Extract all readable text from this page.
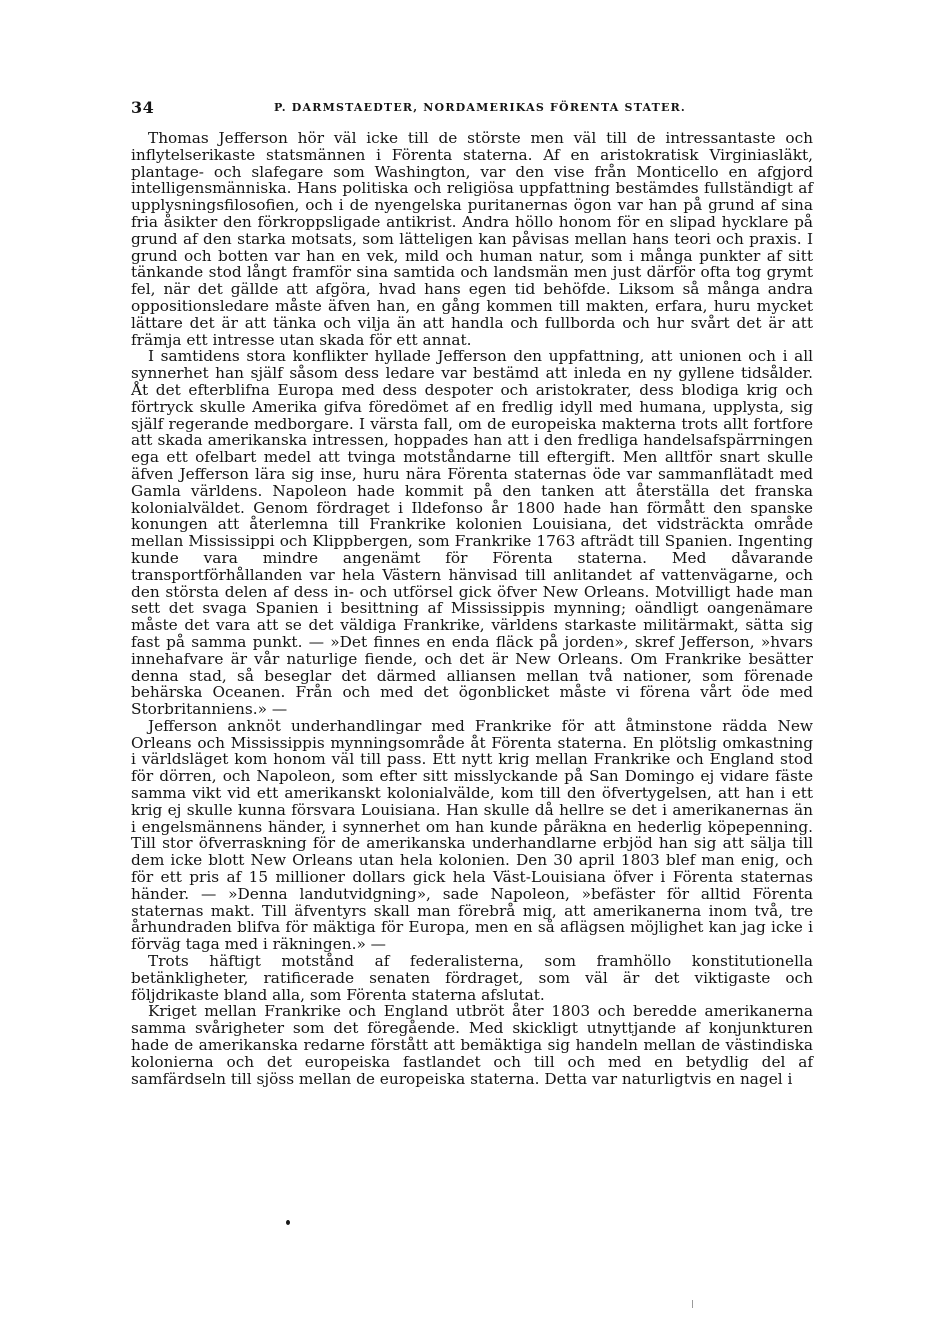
34	P. DARMSTAEDTER, NORDAMERIKAS FÖRENTA STATER.

Thomas Jefferson hör väl icke till de störste men väl till de intressantaste och inflytelserikaste statsmännen i Förenta staterna. Af en aristokratisk Virginiasläkt, plantage- och slafegare som Washington, var den vise från Monticello en afgjord intelligensmänniska. Hans politiska och religiösa uppfattning bestämdes fullständigt af upplysningsfilosofien, och i de nyengelska puritanernas ögon var han på grund af sina fria åsikter den förkroppsligade antikrist. Andra höllo honom för en slipad hycklare på grund af den starka motsats, som lätteligen kan påvisas mellan hans teori och praxis. I grund och botten var han en vek, mild och human natur, som i många punkter af sitt tänkande stod långt framför sina samtida och landsmän men just därför ofta tog grymt fel, när det gällde att afgöra, hvad hans egen tid behöfde. Liksom så många andra oppositionsledare måste äfven han, en gång kommen till makten, erfara, huru mycket lättare det är att tänka och vilja än att handla och fullborda och hur svårt det är att främja ett intresse utan skada för ett annat.

I samtidens stora konflikter hyllade Jefferson den uppfattning, att unionen och i all synnerhet han själf såsom dess ledare var bestämd att inleda en ny gyllene tidsålder. Åt det efterblifna Europa med dess despoter och aristokrater, dess blodiga krig och förtryck skulle Amerika gifva föredömet af en fredlig idyll med humana, upplysta, sig själf regerande medborgare. I värsta fall, om de europeiska makterna trots allt fortfore att skada amerikanska intressen, hoppades han att i den fredliga handelsafspärrningen ega ett ofelbart medel att tvinga motståndarne till eftergift. Men alltför snart skulle äfven Jefferson lära sig inse, huru nära Förenta staternas öde var sammanflätadt med Gamla världens. Napoleon hade kommit på den tanken att återställa det franska kolonialväldet. Genom fördraget i Ildefonso år 1800 hade han förmått den spanske konungen att återlemna till Frankrike kolonien Louisiana, det vidsträckta område mellan Mississippi och Klippbergen, som Frankrike 1763 afträdt till Spanien. Ingenting kunde vara mindre angenämt för Förenta staterna. Med dåvarande transportförhållanden var hela Västern hänvisad till anlitandet af vattenvägarne, och den största delen af dess in- och utförsel gick öfver New Orleans. Motvilligt hade man sett det svaga Spanien i besittning af Mississippis mynning; oändligt oangenämare måste det vara att se det väldiga Frankrike, världens starkaste militärmakt, sätta sig fast på samma punkt. — »Det finnes en enda fläck på jorden», skref Jefferson, »hvars innehafvare är vår naturlige fiende, och det är New Orleans. Om Frankrike besätter denna stad, så beseglar det därmed alliansen mellan två nationer, som förenade behärska Oceanen. Från och med det ögonblicket måste vi förena vårt öde med Storbritanniens.» —

Jefferson anknöt underhandlingar med Frankrike för att åtminstone rädda New Orleans och Mississippis mynningsområde åt Förenta staterna. En plötslig omkastning i världsläget kom honom väl till pass. Ett nytt krig mellan Frankrike och England stod för dörren, och Napoleon, som efter sitt misslyckande på San Domingo ej vidare fäste samma vikt vid ett amerikanskt kolonialvälde, kom till den öfvertygelsen, att han i ett krig ej skulle kunna försvara Louisiana. Han skulle då hellre se det i amerikanernas än i engelsmännens händer, i synnerhet om han kunde påräkna en hederlig köpepenning. Till stor öfverraskning för de amerikanska underhandlarne erbjöd han sig att sälja till dem icke blott New Orleans utan hela kolonien. Den 30 april 1803 blef man enig, och för ett pris af 15 millioner dollars gick hela Väst-Louisiana öfver i Förenta staternas händer. — »Denna landutvidgning», sade Napoleon, »befäster för alltid Förenta staternas makt. Till äfventyrs skall man förebrå mig, att amerikanerna inom två, tre århundraden blifva för mäktiga för Europa, men en så aflägsen möjlighet kan jag icke i förväg taga med i räkningen.» —

Trots häftigt motstånd af federalisterna, som framhöllo konstitutionella betänkligheter, ratificerade senaten fördraget, som väl är det viktigaste och följdrikaste bland alla, som Förenta staterna afslutat.

Kriget mellan Frankrike och England utbröt åter 1803 och beredde amerikanerna samma svårigheter som det föregående. Med skickligt utnyttjande af konjunkturen hade de amerikanska redarne förstått att bemäktiga sig handeln mellan de västindiska kolonierna och det europeiska fastlandet och till och med en betydlig del af samfärdseln till sjöss mellan de europeiska staterna. Detta var naturligtvis en nagel i
